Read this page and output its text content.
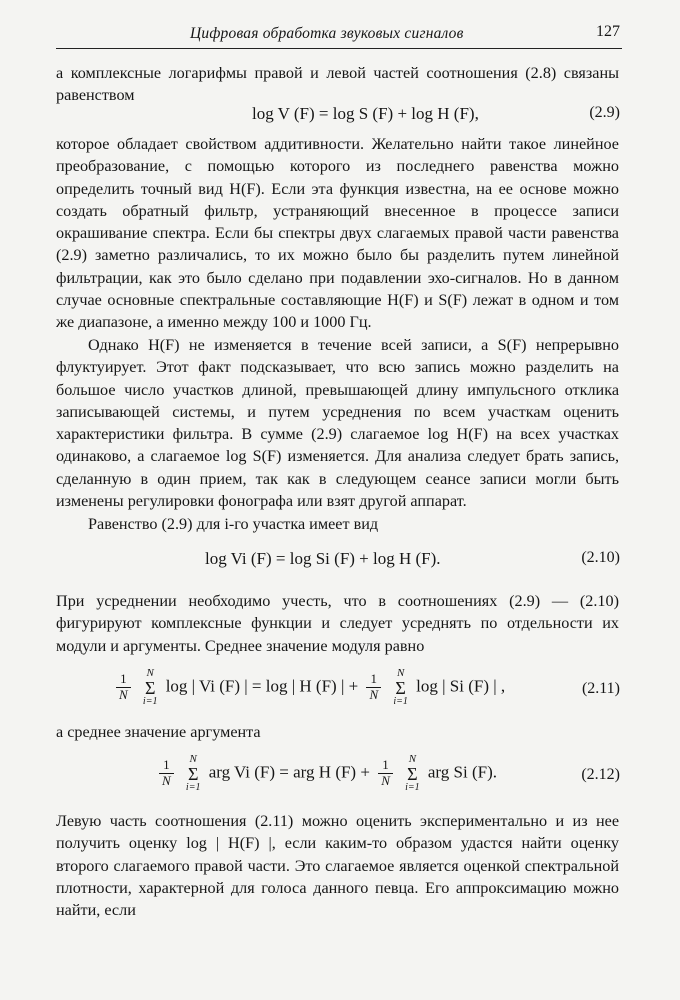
Цифровая обработка звуковых сигналов	127

а комплексные логарифмы правой и левой частей соотношения (2.8) связаны равенством

log V (F) = log S (F) + log H (F),	(2.9)

которое обладает свойством аддитивности. Желательно найти такое линейное преобразование, с помощью которого из последнего равенства можно определить точный вид H(F). Если эта функция известна, на ее основе можно создать обратный фильтр, устраняющий внесенное в процессе записи окрашивание спектра. Если бы спектры двух слагаемых правой части равенства (2.9) заметно различались, то их можно было бы разделить путем линейной фильтрации, как это было сделано при подавлении эхо-сигналов. Но в данном случае основные спектральные составляющие H(F) и S(F) лежат в одном и том же диапазоне, а именно между 100 и 1000 Гц.

Однако H(F) не изменяется в течение всей записи, а S(F) непрерывно флуктуирует. Этот факт подсказывает, что всю запись можно разделить на большое число участков длиной, превышающей длину импульсного отклика записывающей системы, и путем усреднения по всем участкам оценить характеристики фильтра. В сумме (2.9) слагаемое log H(F) на всех участках одинаково, а слагаемое log S(F) изменяется. Для анализа следует брать запись, сделанную в один прием, так как в следующем сеансе записи могли быть изменены регулировки фонографа или взят другой аппарат.

Равенство (2.9) для i-го участка имеет вид

log Vi (F) = log Si (F) + log H (F).	(2.10)

При усреднении необходимо учесть, что в соотношениях (2.9) — (2.10) фигурируют комплексные функции и следует усреднять по отдельности их модули и аргументы. Среднее значение модуля равно

$\frac{1}{N}$
	N
Σ
i=1
log | Vi (F) | = log | H (F) | + $\frac{1}{N}$
	N
Σ
i=1
log | Si (F) | ,	(2.11)

а среднее значение аргумента

$\frac{1}{N}$
	N
Σ
i=1
arg Vi (F) = arg H $(F) + \frac{1}{N}$
	N
Σ
i=1
arg Si (F).	(2.12)

Левую часть соотношения (2.11) можно оценить экспериментально и из нее получить оценку log | H(F) |, если каким-то образом удастся найти оценку второго слагаемого правой части. Это слагаемое является оценкой спектральной плотности, характерной для голоса данного певца. Его аппроксимацию можно найти, если
